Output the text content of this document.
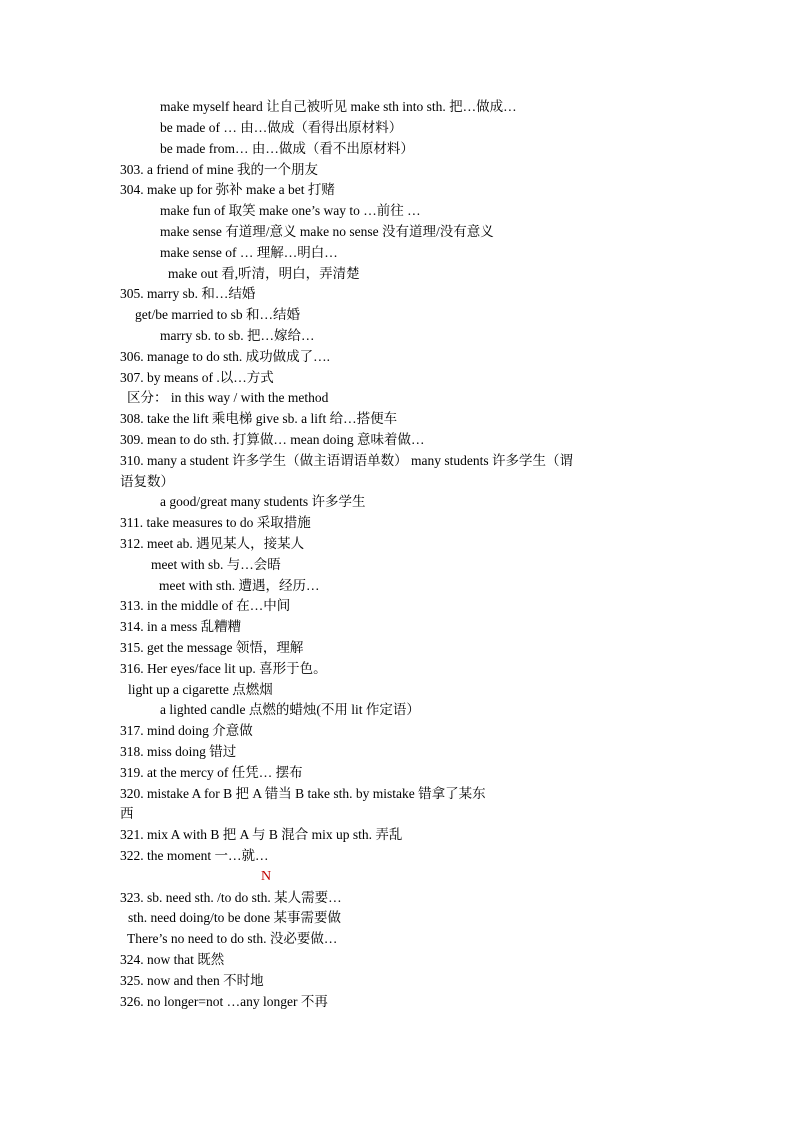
make myself heard 让自己被听见 make sth into sth. 把…做成…

be made of … 由…做成（看得出原材料）

be made from… 由…做成（看不出原材料）

303. a friend of mine 我的一个朋友

304. make up for 弥补 make a bet 打赌

make fun of 取笑 make one’s way to …前往 …

make sense 有道理/意义 make no sense 没有道理/没有意义

make sense of … 理解…明白…

make out 看,听清，明白，弄清楚

305. marry sb. 和…结婚

get/be married to sb 和…结婚

marry sb. to sb. 把…嫁给…

306. manage to do sth. 成功做成了….

307. by means of .以…方式

区分： in this way / with the method

308. take the lift 乘电梯 give sb. a lift 给…搭便车

309. mean to do sth. 打算做… mean doing 意味着做…

310. many a student 许多学生（做主语谓语单数） many students 许多学生（谓

语复数）

a good/great many students 许多学生

311. take measures to do 采取措施

312. meet ab. 遇见某人，接某人

meet with sb. 与…会晤

meet with sth. 遭遇，经历…

313. in the middle of 在…中间

314. in a mess 乱糟糟

315. get the message 领悟，理解

316. Her eyes/face lit up. 喜形于色。

light up a cigarette 点燃烟

a lighted candle 点燃的蜡烛(不用 lit 作定语）

317. mind doing 介意做

318. miss doing 错过

319. at the mercy of 任凭… 摆布

320. mistake A for B 把 A 错当 B take sth. by mistake 错拿了某东

西

321. mix A with B 把 A 与 B 混合 mix up sth. 弄乱

322. the moment 一…就…

N

323. sb. need sth. /to do sth. 某人需要…

sth. need doing/to be done 某事需要做

There’s no need to do sth. 没必要做…

324. now that 既然

325. now and then 不时地

326. no longer=not …any longer 不再
